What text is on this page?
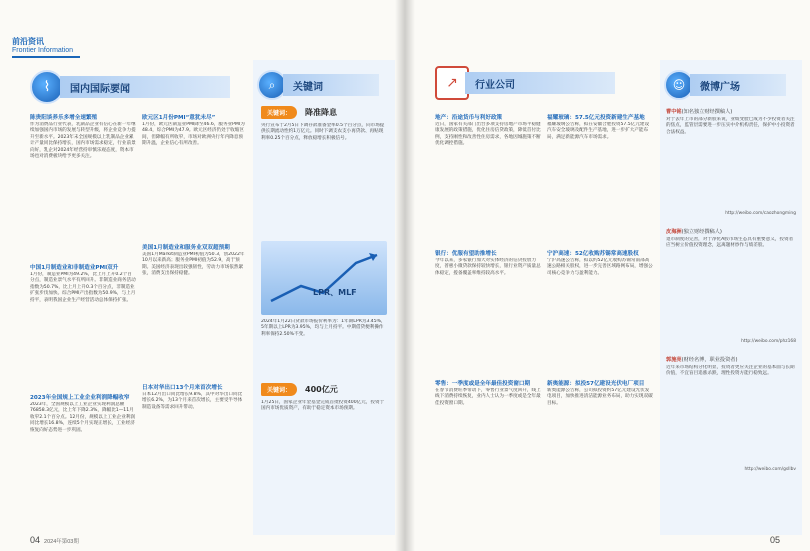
前沿资讯
Frontier Information
⌇	国内国际要闻
陈贵阳谈养乐多增全速繁殖
作为消费品行业代表，乳制品企业有信心在新一年继续加强国内市场的发展与转型升级，将企业竞争力提升至新水平。2023年末全国规模以上乳制品企业累计产量同比保持增长，国内市场需求稳定，行业前景向好，乳企对2024年经营持审慎乐观态度，资本市场也对消费板块给予更多关注。
中国1月制造业和非制造业PMI双升
1月份，制造业PMI为49.2%，比上月上升0.2个百分点，制造业景气水平有所回升。非制造业商务活动指数为50.7%，比上月上升0.3个百分点，非制造业扩张步伐加快。综合PMI产出指数为50.9%，与上月持平，表明我国企业生产经营活动总体保持扩张。
2023年全国规上工业企业利润降幅收窄
2023年，全国规模以上工业企业实现利润总额76858.3亿元，比上年下降2.3%，降幅比1—11月收窄2.1个百分点。12月份，规模以上工业企业利润同比增长16.8%，连续5个月实现正增长，工业经济恢复向好态势进一步巩固。
欧元区1月份PMI“意犹未尽”
1月份，欧元区制造业PMI降至46.6，服务业PMI为48.4，综合PMI为47.9。欧元区经济仍处于收缩区间，但降幅有所收窄，市场对欧洲央行年内降息预期升温，企业信心有所改善。
美国1月制造业和服务业双双超预期
美国1月Markit制造业PMI初值为50.3，创2022年10月以来新高；服务业PMI初值为52.9，高于预期。美国经济表现出较强韧性，劳动力市场依然紧张，消费支出保持稳健。
日本对华出口13个月来首次增长
日本12月出口同比增长9.8%，其中对华出口同比增长6.2%，为13个月来首次增长，主要受半导体制造设备等需求回升带动。
⌕	关键词
关键词：	降准降息
央行宣布于2月5日下调存款准备金率0.5个百分点，向市场提供长期流动性约1万亿元。同时下调支农支小再贷款、再贴现利率0.25个百分点，释放稳增长积极信号。
LPR、MLF
2024年1月22日贷款市场报价利率为：1年期LPR为3.45%，5年期以上LPR为3.95%，均与上月持平。中期借贷便利操作利率保持2.50%不变。
关键词：	400亿元
1月25日，国家企业年金基金完成首批投资400亿元，投资于国内市场优质资产，有助于稳定资本市场预期。
04 2024年第03期
↗	行业公司
地产：沿途货币与利好政策
近日，国家有关部门出台多项支持房地产市场平稳健康发展的政策措施，优化住房信贷政策，降低首付比例，支持刚性和改善性住房需求，各地因城施策不断优化调控措施。
银行：优服有望助推增长
今年以来，多家银行加大对实体经济的信贷投放力度，普惠小微贷款保持较快增长，银行业资产质量总体稳定，拨备覆盖率维持较高水平。
零售：一季度或是全年最佳投资窗口期
在春节消费旺季带动下，零售行业景气度回升，线上线下消费持续恢复，业内人士认为一季度或是全年最佳投资窗口期。
福耀玻璃：57.5亿元投资新建生产基地
福耀玻璃公告称，拟在安徽合肥投资57.5亿元建设汽车安全玻璃及配件生产基地，进一步扩大产能布局，满足新能源汽车市场需求。
宁沪高速：52亿收购苏锡常高速股权
宁沪高速公告称，拟以约52亿元收购苏锡常南部高速公路相关股权，进一步完善区域路网布局，增强公司核心竞争力与盈利能力。
新奥能源：拟投57亿建设光伏电厂项目
新奥能源公告称，公司拟投资约57亿元建设光伏发电项目，加快推进清洁能源业务布局，助力实现双碳目标。
05
☺	微博广场
曹中铭(知名独立财经撰稿人)
对于去年上市的部分新股来说，业绩变脸已成为不少投资者关注的焦点，监管层需要进一步压实中介机构责任，保护中小投资者合法权益。
http://weibo.com/caozhongming
皮海洲(独立财经撰稿人)
退市制度的完善，对于净化A股市场生态具有重要意义，投资者应当树立价值投资理念，远离题材炒作与绩差股。
http://weibo.com/phz168
郭施亮(财经名博，职业投资者)
近年来市场结构分化明显，投资者更应关注企业的基本面与长期价值，不宜盲目追涨杀跌，理性投资方能行稳致远。
http://weibo.com/gsllbv
